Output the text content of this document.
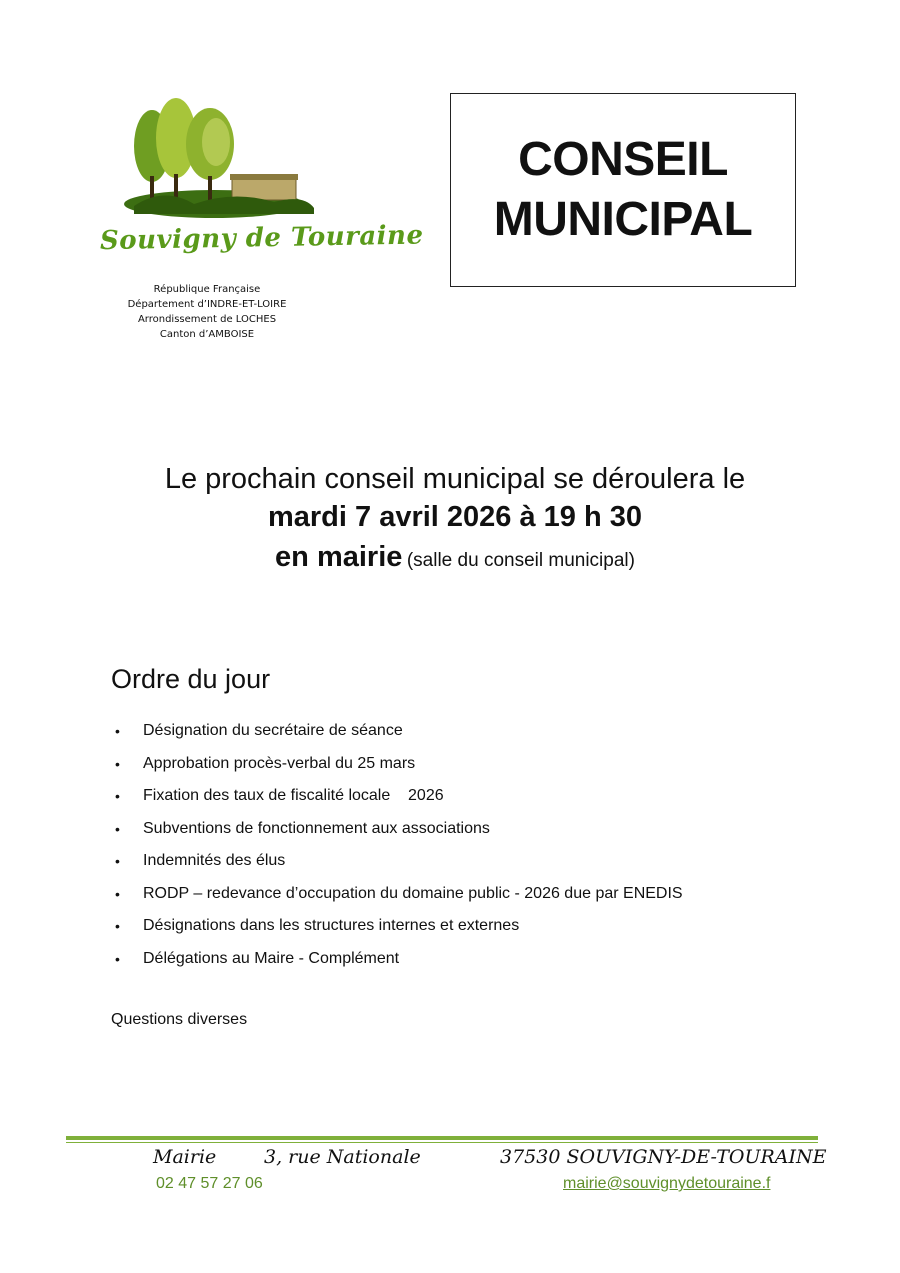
Souvigny de Touraine
République Française
Département d’INDRE-ET-LOIRE
Arrondissement de LOCHES
Canton d’AMBOISE
CONSEIL
MUNICIPAL
Le prochain conseil municipal se déroulera le
mardi 7 avril 2026 à 19 h 30
en mairie (salle du conseil municipal)
Ordre du jour
• Désignation du secrétaire de séance
• Approbation procès-verbal du 25 mars
• Fixation des taux de fiscalité locale    2026
• Subventions de fonctionnement aux associations
• Indemnités des élus
• RODP – redevance d’occupation du domaine public - 2026 due par ENEDIS
• Désignations dans les structures internes et externes
• Délégations au Maire - Complément
Questions diverses
Mairie	3, rue Nationale	37530 SOUVIGNY-DE-TOURAINE
02 47 57 27 06	mairie@souvignydetouraine.f
